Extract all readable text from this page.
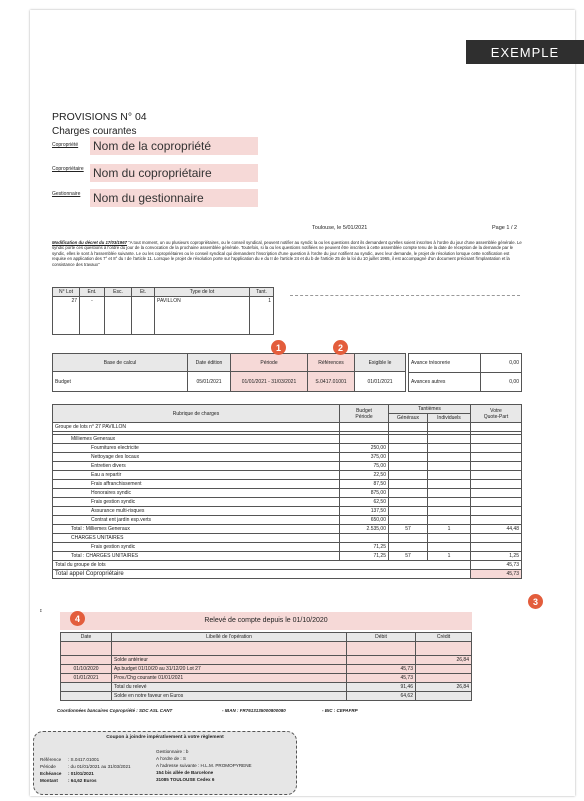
EXEMPLE
PROVISIONS N° 04
Charges courantes
Copropriété Nom de la copropriété
Copropriétaire Nom du copropriétaire
Gestionnaire Nom du gestionnaire
Toulouse, le 5/01/2021	Page 1 / 2
Modification du décret du 17/03/1967 "A tout moment, un ou plusieurs copropriétaires, ou le conseil syndical, peuvent notifier au syndic la ou les questions dont ils demandent qu'elles soient inscrites à l'ordre du jour d'une assemblée générale. Le syndic porte ces questions à l'ordre du jour de la convocation de la prochaine assemblée générale. Toutefois, si la ou les questions notifiées ne peuvent être inscrites à cette assemblée compte tenu de la date de réception de la demande par le syndic, elles le sont à l'assemblée suivante. Le ou les copropriétaires ou le conseil syndical qui demandent l'inscription d'une question à l'ordre du jour notifient au syndic, avec leur demande, le projet de résolution lorsque cette notification est requise en application des 7° et 8° du I de l'article 11. Lorsque le projet de résolution porte sur l'application du e du II de l'article 24 et du b de l'article 25 de la loi du 10 juillet 1965, il est accompagné d'un document précisant l'implantation et la consistance des travaux"
N° Lot	Ent.	Esc.	Et.	Type de lot	Tant.
27	-			PAVILLON	1
Base de calcul	Date édition	Période	Références	Exigible le
Budget	05/01/2021	01/01/2021 - 31/03/2021	S.0417.01001	01/01/2021
Avance trésorerie	0,00
Avances autres	0,00
1	2
Rubrique de charges	Budget
Période	Tantièmes		Votre
Quote-Part
		Généraux	Individuels	
Groupe de lots n° 27 PAVILLON				

Milliemes Generaux				
Fournitures electricite	250,00			
Nettoyage des locaux	375,00			
Entretien divers	75,00			
Eau a repartir	22,50			
Frais affranchissement	87,50			
Honoraires syndic	875,00			
Frais gestion syndic	62,50			
Assurance multi-risques	137,50			
Contrat ent jardin esp.verts	650,00			
Total : Milliemes Generaux	2.535,00	57	1	44,48
CHARGES UNITAIRES				
Frais gestion syndic	71,25			
Total : CHARGES UNITAIRES	71,25	57	1	1,25
Total du groupe de lots				45,73
Total appel Copropriétaire				45,73
3
ɪ
Relevé de compte depuis le 01/10/2020
4
Date	Libellé de l'opération	Débit	Crédit

	Solde antérieur		26,84
01/10/2020	Ap.budget 01/10/20 au 31/12/20 Lot 27	45,73	
01/01/2021	Prov./Chg courante 01/01/2021	45,73	
	Total du relevé	91,46	26,84
	Solde en notre faveur en Euros	64,62	
Coordonnées bancaires Copropriété : SDC ASL CANT	- IBAN : FR7613135000800080	- BIC : CEPAFRP
Coupon à joindre impérativement à votre règlement
Référence : S.0417.01001
Période	: du 01/01/2021 au 31/03/2021
Echéance : 01/01/2021
Montant : 64,62 Euros
Gestionnaire : b
A l'ordre de : S
A l'adresse suivante : H.L.M. PROMOPYRENE
154 bis allée de Barcelone
31085 TOULOUSE Cedex 6
